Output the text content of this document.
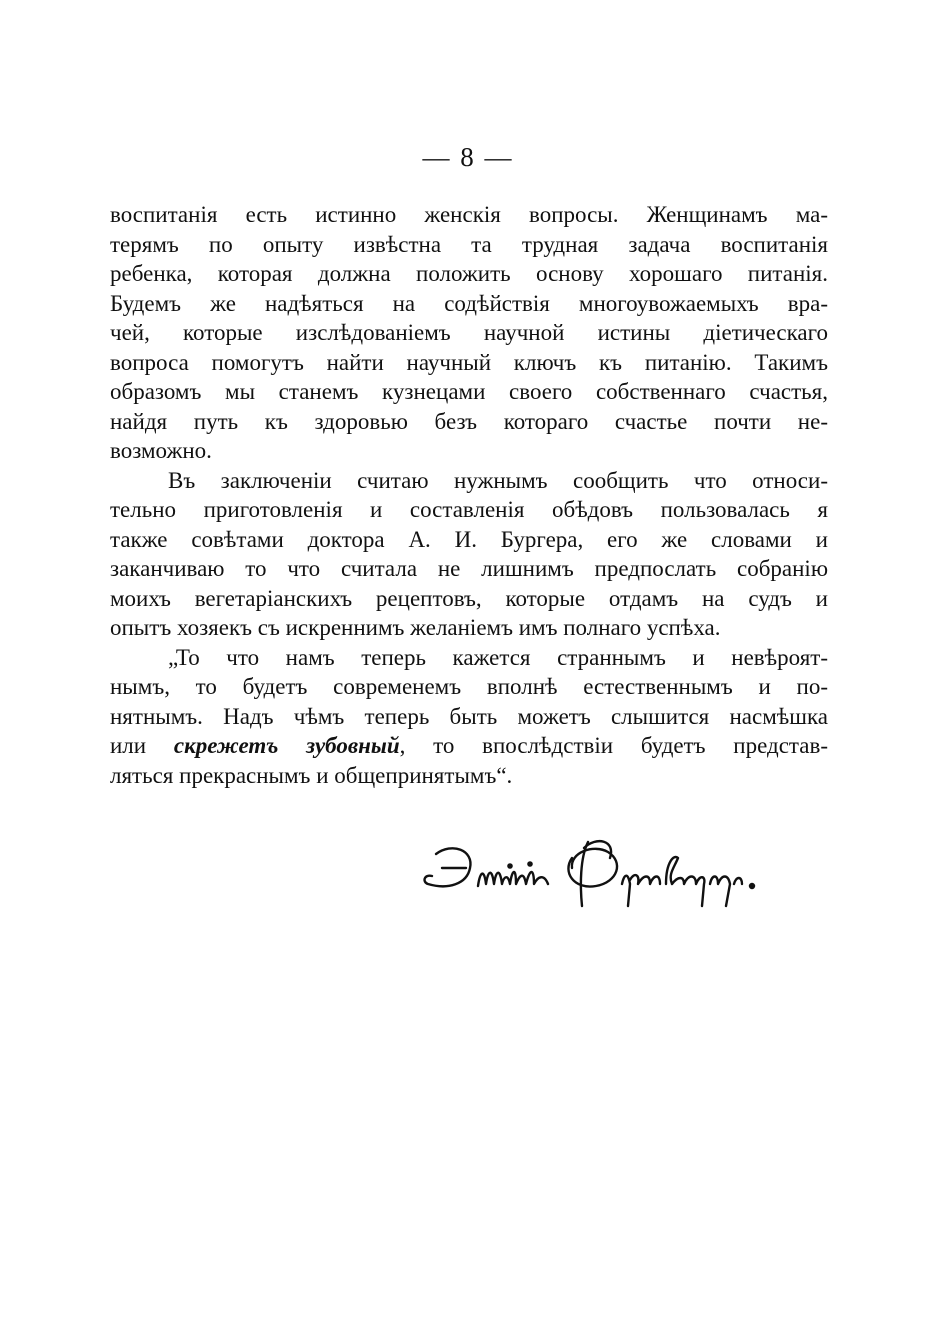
— 8 —

воспитанія есть истинно женскія вопросы. Женщинамъ ма-
терямъ по опыту извѣстна та трудная задача воспитанія
ребенка, которая должна положить основу хорошаго питанія.
Будемъ же надѣяться на содѣйствія многоувожаемыхъ вра-
чей, которые изслѣдованіемъ научной истины діетическаго
вопроса помогутъ найти научный ключъ къ питанію. Такимъ
образомъ мы станемъ кузнецами своего собственнаго счастья,
найдя путь къ здоровью безъ котораго счастье почти не-
возможно.

Въ заключеніи считаю нужнымъ сообщить что относи-
тельно приготовленія и составленія обѣдовъ пользовалась я
также совѣтами доктора А. И. Бургера, его же словами и
заканчиваю то что считала не лишнимъ предпослать собранію
моихъ вегетаріанскихъ рецептовъ, которые отдамъ на судъ и
опытъ хозяекъ съ искреннимъ желаніемъ имъ полнаго успѣха.

„То что намъ теперь кажется страннымъ и невѣроят-
нымъ, то будетъ современемъ вполнѣ естественнымъ и по-
нятнымъ. Надъ чѣмъ теперь быть можетъ слышится насмѣшка
или скрежетъ зубовный, то впослѣдствіи будетъ представ-
ляться прекраснымъ и общепринятымъ“.
